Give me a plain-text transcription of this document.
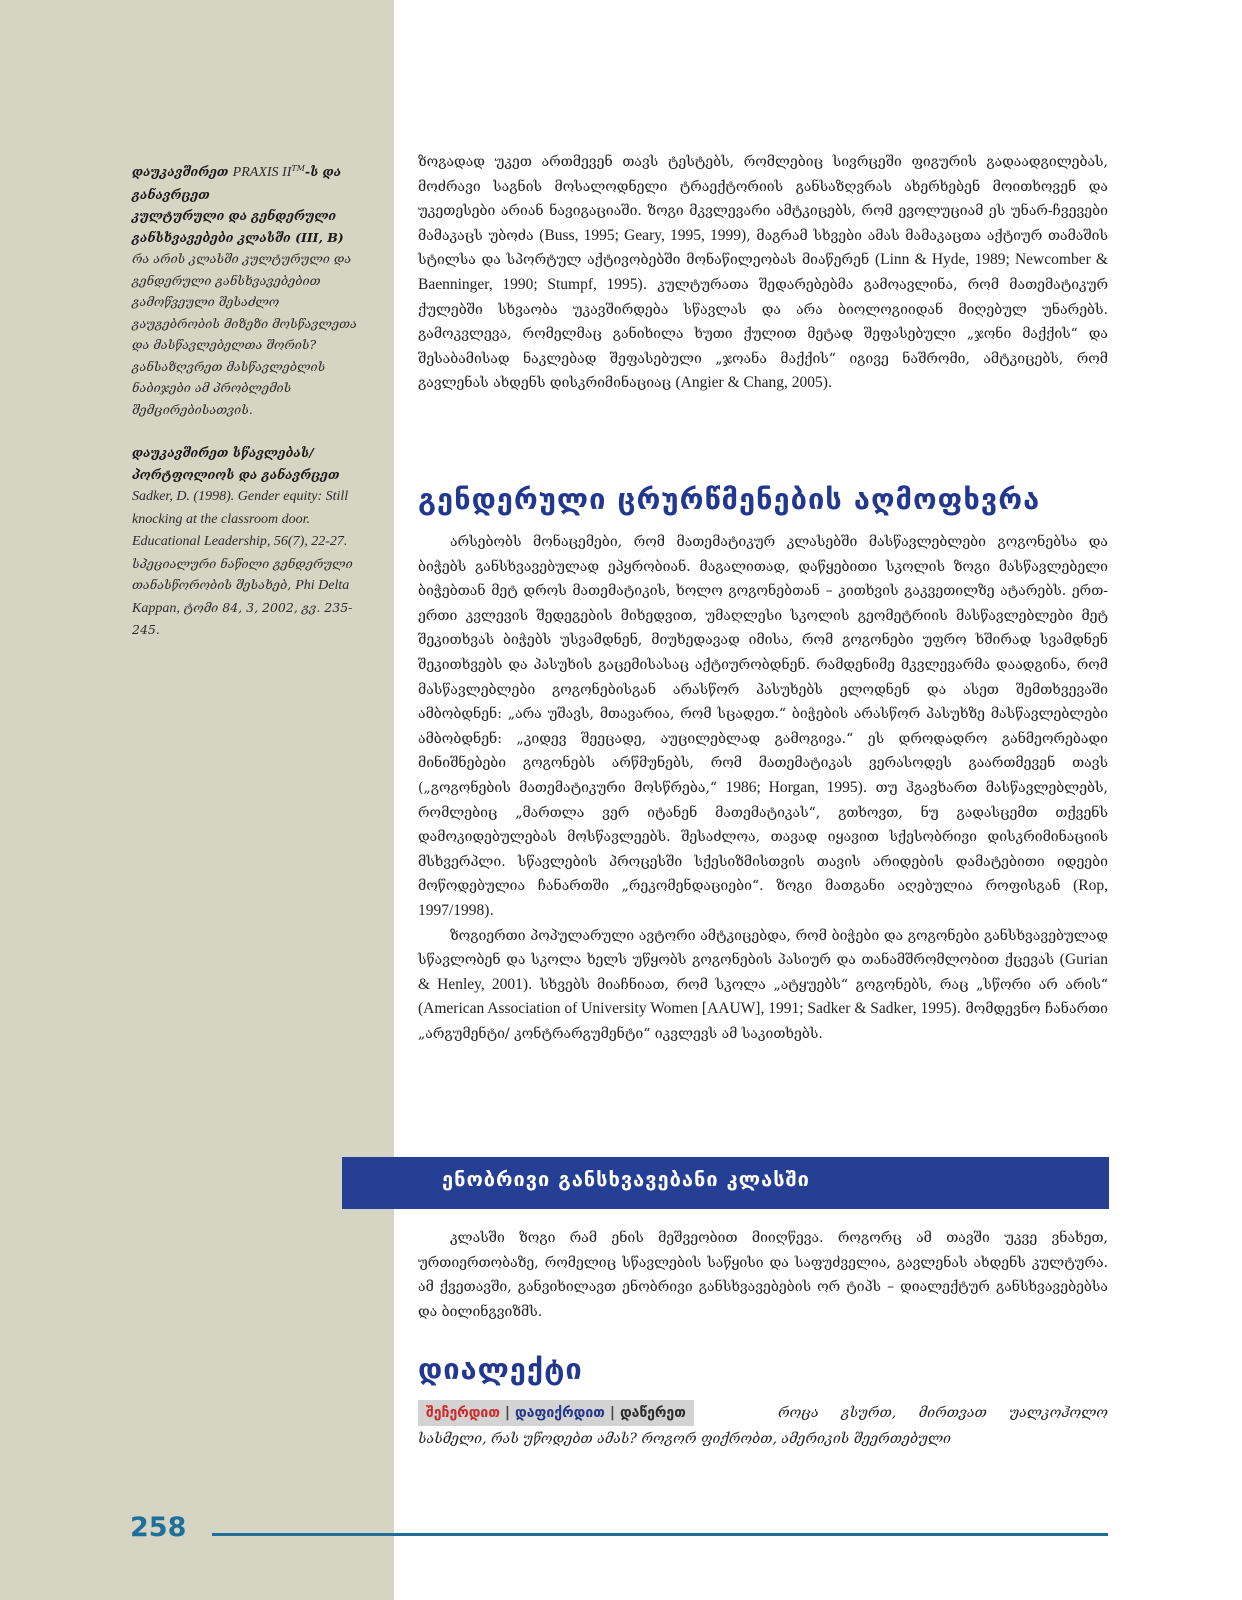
დაუკავშირეთ PRAXIS II™-ს და განავრცეთ
კულტურული და გენდერული განსხვავებები კლასში (III, B)
რა არის კლასში კულტურული და გენდერული განსხვავებებით გამოწვეული შესაძლო გაუგებრობის მიზეზი მოსწავლეთა და მასწავლებელთა შორის? განსაზღვრეთ მასწავლებლის ნაბიჯები ამ პრობლემის შემცირებისათვის.
დაუკავშირეთ სწავლებას/პორტფოლიოს და განავრცეთ
Sadker, D. (1998). Gender equity: Still knocking at the classroom door. Educational Leadership, 56(7), 22-27. სპეციალური ნაწილი გენდერული თანასწორობის შესახებ, Phi Delta Kappan, ტომი 84, 3, 2002, გვ. 235-245.

ზოგადად უკეთ ართმევენ თავს ტესტებს, რომლებიც სივრცეში ფიგურის გადაადგილებას, მოძრავი საგნის მოსალოდნელი ტრაექტორიის განსაზღვრას ახერხებენ მოითხოვენ და უკეთესები არიან ნავიგაციაში. ზოგი მკვლევარი ამტკიცებს, რომ ევოლუციამ ეს უნარ-ჩვევები მამაკაცს უბოძა (Buss, 1995; Geary, 1995, 1999), მაგრამ სხვები ამას მამაკაცთა აქტიურ თამაშის სტილსა და სპორტულ აქტივობებში მონაწილეობას მიაწერენ (Linn & Hyde, 1989; Newcomber & Baenninger, 1990; Stumpf, 1995). კულტურათა შედარებებმა გამოავლინა, რომ მათემატიკურ ქულებში სხვაობა უკავშირდება სწავლას და არა ბიოლოგიიდან მიღებულ უნარებს. გამოკვლევა, რომელმაც განიხილა ხუთი ქულით მეტად შეფასებული „ჯონი მაქქის“ და შესაბამისად ნაკლებად შეფასებული „ჯოანა მაქქის“ იგივე ნაშრომი, ამტკიცებს, რომ გავლენას ახდენს დისკრიმინაციაც (Angier & Chang, 2005).

გენდერული ცრურწმენების აღმოფხვრა

არსებობს მონაცემები, რომ მათემატიკურ კლასებში მასწავლებლები გოგონებსა და ბიჭებს განსხვავებულად ეპყრობიან. მაგალითად, დაწყებითი სკოლის ზოგი მასწავლებელი ბიჭებთან მეტ დროს მათემატიკის, ხოლო გოგონებთან – კითხვის გაკვეთილზე ატარებს. ერთ-ერთი კვლევის შედეგების მიხედვით, უმაღლესი სკოლის გეომეტრიის მასწავლებლები მეტ შეკითხვას ბიჭებს უსვამდნენ, მიუხედავად იმისა, რომ გოგონები უფრო ხშირად სვამდნენ შეკითხვებს და პასუხის გაცემისასაც აქტიურობდნენ. რამდენიმე მკვლევარმა დაადგინა, რომ მასწავლებლები გოგონებისგან არასწორ პასუხებს ელოდნენ და ასეთ შემთხვევაში ამბობდნენ: „არა უშავს, მთავარია, რომ სცადეთ.“ ბიჭების არასწორ პასუხზე მასწავლებლები ამბობდნენ: „კიდევ შეეცადე, აუცილებლად გამოგივა.“ ეს დროდადრო განმეორებადი მინიშნებები გოგონებს არწმუნებს, რომ მათემატიკას ვერასოდეს გაართმევენ თავს („გოგონების მათემატიკური მოსწრება,“ 1986; Horgan, 1995). თუ ჰგავხართ მასწავლებლებს, რომლებიც „მართლა ვერ იტანენ მათემატიკას“, გთხოვთ, ნუ გადასცემთ თქვენს დამოკიდებულებას მოსწავლეებს. შესაძლოა, თავად იყავით სქესობრივი დისკრიმინაციის მსხვერპლი. სწავლების პროცესში სქესიზმისთვის თავის არიდების დამატებითი იდეები მოწოდებულია ჩანართში „რეკომენდაციები“. ზოგი მათგანი აღებულია როფისგან (Rop, 1997/1998).

ზოგიერთი პოპულარული ავტორი ამტკიცებდა, რომ ბიჭები და გოგონები განსხვავებულად სწავლობენ და სკოლა ხელს უწყობს გოგონების პასიურ და თანამშრომლობით ქცევას (Gurian & Henley, 2001). სხვებს მიაჩნიათ, რომ სკოლა „ატყუებს“ გოგონებს, რაც „სწორი არ არის“ (American Association of University Women [AAUW], 1991; Sadker & Sadker, 1995). მომდევნო ჩანართი „არგუმენტი/ კონტრარგუმენტი“ იკვლევს ამ საკითხებს.

ენობრივი განსხვავებანი კლასში

კლასში ზოგი რამ ენის მეშვეობით მიიღწევა. როგორც ამ თავში უკვე ვნახეთ, ურთიერთობაზე, რომელიც სწავლების საწყისი და საფუძველია, გავლენას ახდენს კულტურა. ამ ქვეთავში, განვიხილავთ ენობრივი განსხვავებების ორ ტიპს – დიალექტურ განსხვავებებსა და ბილინგვიზმს.

დიალექტი

როცა გსურთ, მირთვათ უალკოჰოლო სასმელი, რას უწოდებთ ამას? როგორ ფიქრობთ, ამერიკის შეერთებული

შეჩერდით | დაფიქრდით | დაწერეთ
258
